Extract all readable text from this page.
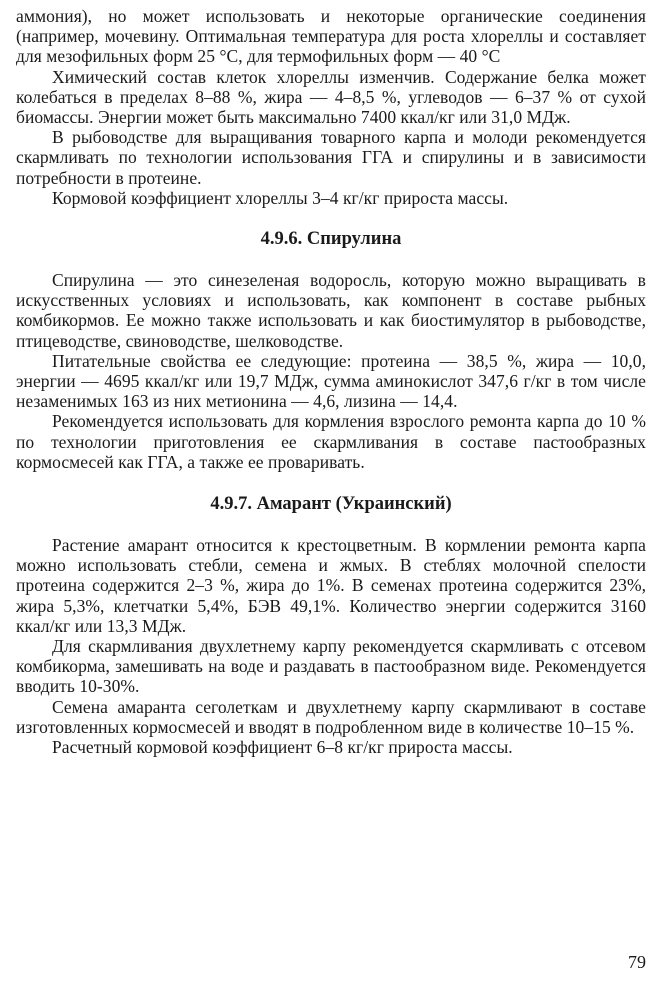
аммония), но может использовать и некоторые органические соединения (например, мочевину. Оптимальная температура для роста хлореллы и составляет для мезофильных форм 25 °С, для термофильных форм — 40 °С

Химический состав клеток хлореллы изменчив. Содержание белка может колебаться в пределах 8–88 %, жира — 4–8,5 %, углеводов — 6–37 % от сухой биомассы. Энергии может быть максимально 7400 ккал/кг или 31,0 МДж.

В рыбоводстве для выращивания товарного карпа и молоди рекомендуется скармливать по технологии использования ГГА и спирулины и в зависимости потребности в протеине.

Кормовой коэффициент хлореллы 3–4 кг/кг прироста массы.

4.9.6. Спирулина

Спирулина — это синезеленая водоросль, которую можно выращивать в искусственных условиях и использовать, как компонент в составе рыбных комбикормов. Ее можно также использовать и как биостимулятор в рыбоводстве, птицеводстве, свиноводстве, шелководстве.

Питательные свойства ее следующие: протеина — 38,5 %, жира — 10,0, энергии — 4695 ккал/кг или 19,7 МДж, сумма аминокислот 347,6 г/кг в том числе незаменимых 163 из них метионина — 4,6, лизина — 14,4.

Рекомендуется использовать для кормления взрослого ремонта карпа до 10 % по технологии приготовления ее скармливания в составе пастообразных кормосмесей как ГГА, а также ее проваривать.

4.9.7. Амарант (Украинский)

Растение амарант относится к крестоцветным. В кормлении ремонта карпа можно использовать стебли, семена и жмых. В стеблях молочной спелости протеина содержится 2–3 %, жира до 1%. В семенах протеина содержится 23%, жира 5,3%, клетчатки 5,4%, БЭВ 49,1%. Количество энергии содержится 3160 ккал/кг или 13,3 МДж.

Для скармливания двухлетнему карпу рекомендуется скармливать с отсевом комбикорма, замешивать на воде и раздавать в пастообразном виде. Рекомендуется вводить 10-30%.

Семена амаранта сеголеткам и двухлетнему карпу скармливают в составе изготовленных кормосмесей и вводят в подробленном виде в количестве 10–15 %.

Расчетный кормовой коэффициент 6–8 кг/кг прироста массы.

79
